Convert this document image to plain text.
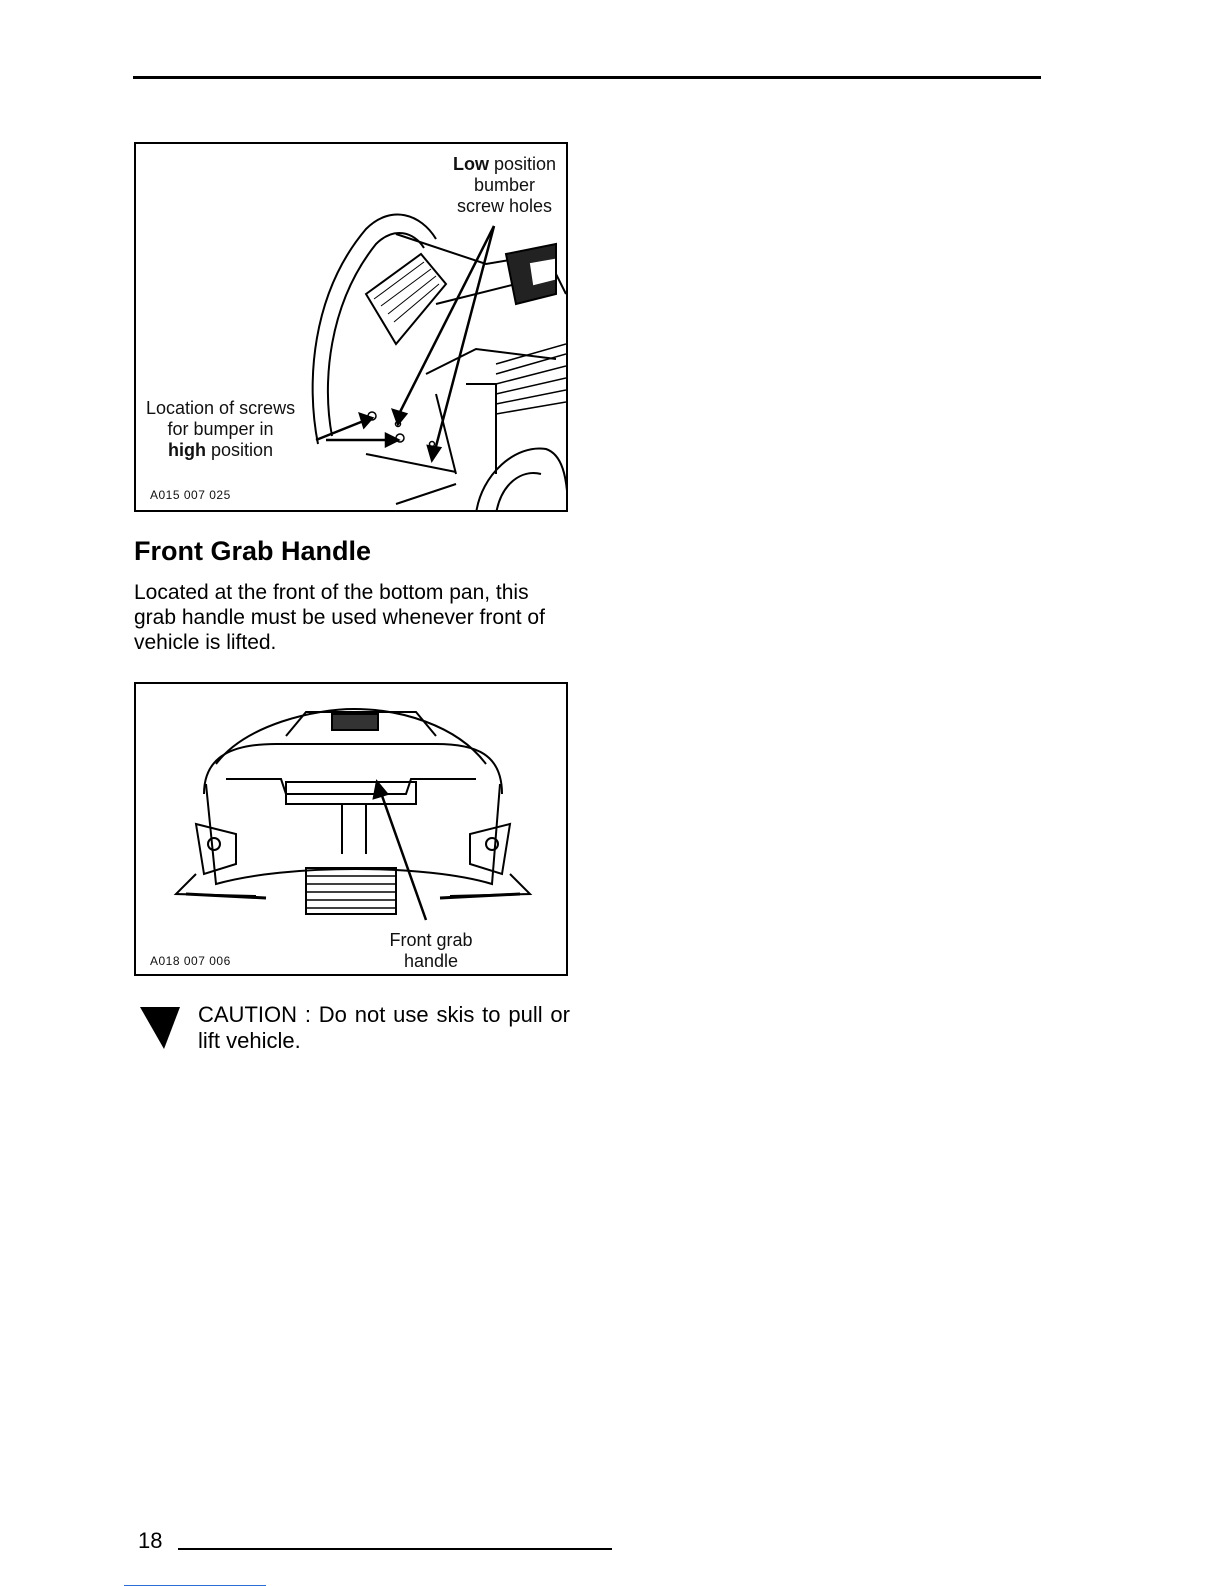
Low position
bumber
screw holes
Location of screws
for bumper in
high position
A015 007 025
Front Grab Handle

Located at the front of the bottom pan, this grab handle must be used whenever front of vehicle is lifted.

Front grab
handle
A018 007 006
CAUTION : Do not use skis to pull or lift vehicle.
18
